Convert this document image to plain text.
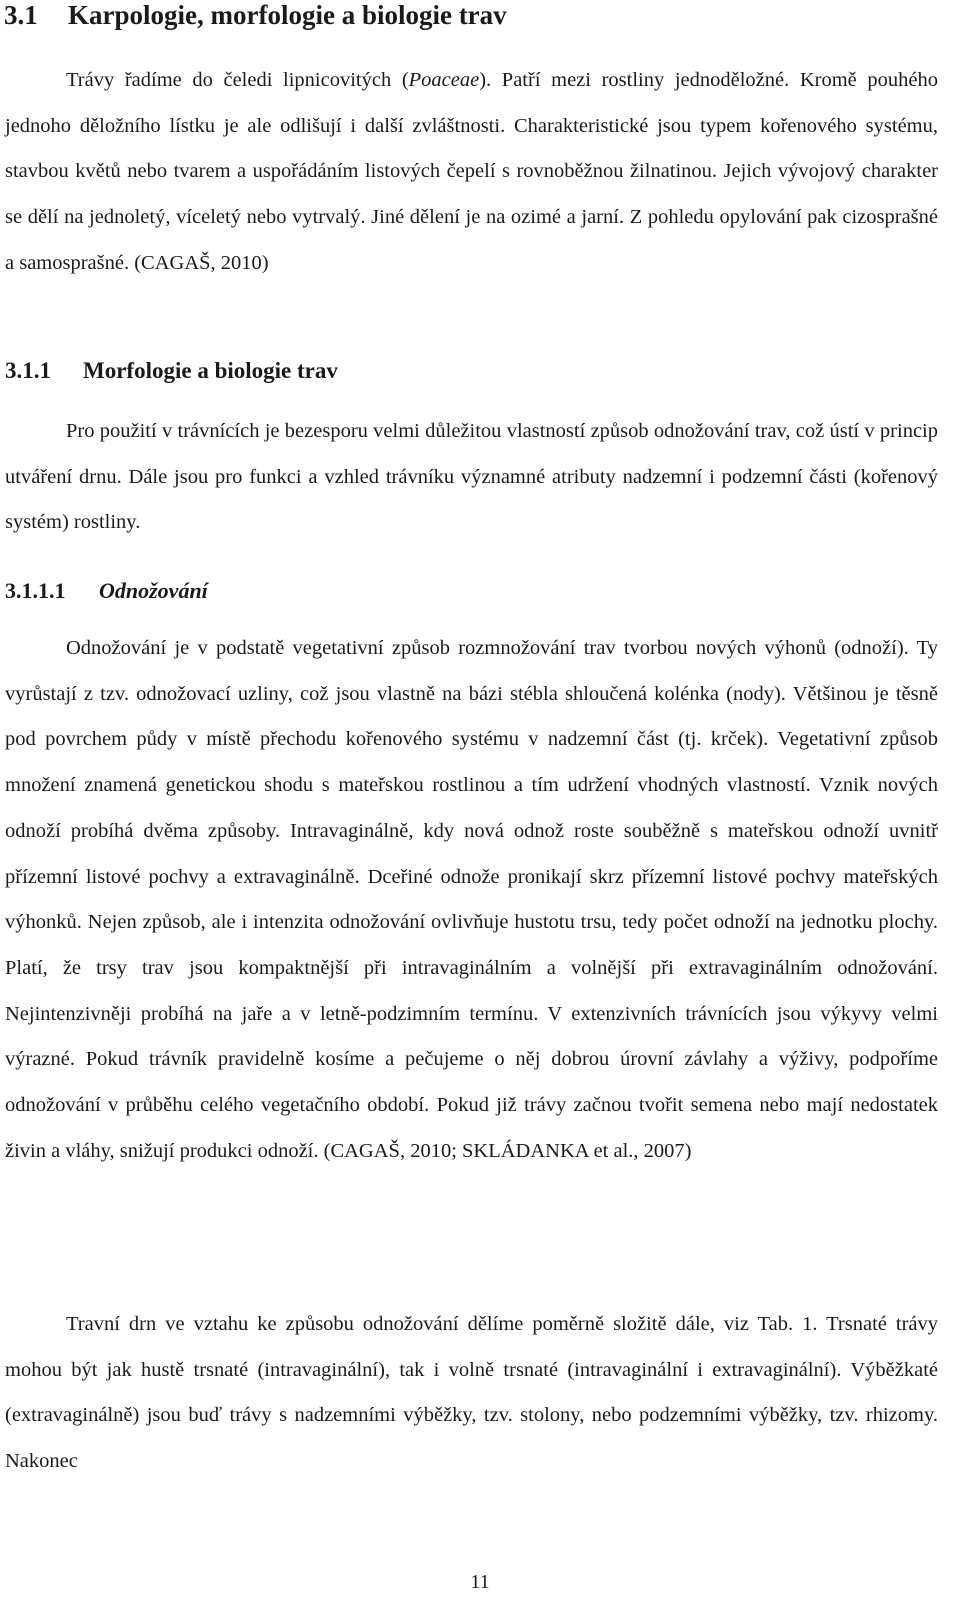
3.1 Karpologie, morfologie a biologie trav

Trávy řadíme do čeledi lipnicovitých (Poaceae). Patří mezi rostliny jednoděložné. Kromě pouhého jednoho děložního lístku je ale odlišují i další zvláštnosti. Charakteristické jsou typem kořenového systému, stavbou květů nebo tvarem a uspořádáním listových čepelí s rovnoběžnou žilnatinou. Jejich vývojový charakter se dělí na jednoletý, víceletý nebo vytrvalý. Jiné dělení je na ozimé a jarní. Z pohledu opylování pak cizosprašné a samosprašné. (CAGAŠ, 2010)

3.1.1 Morfologie a biologie trav

Pro použití v trávnících je bezesporu velmi důležitou vlastností způsob odnožování trav, což ústí v princip utváření drnu. Dále jsou pro funkci a vzhled trávníku významné atributy nadzemní i podzemní části (kořenový systém) rostliny.

3.1.1.1 Odnožování

Odnožování je v podstatě vegetativní způsob rozmnožování trav tvorbou nových výhonů (odnoží). Ty vyrůstají z tzv. odnožovací uzliny, což jsou vlastně na bázi stébla shloučená kolénka (nody). Většinou je těsně pod povrchem půdy v místě přechodu kořenového systému v nadzemní část (tj. krček). Vegetativní způsob množení znamená genetickou shodu s mateřskou rostlinou a tím udržení vhodných vlastností. Vznik nových odnoží probíhá dvěma způsoby. Intravaginálně, kdy nová odnož roste souběžně s mateřskou odnoží uvnitř přízemní listové pochvy a extravaginálně. Dceřiné odnože pronikají skrz přízemní listové pochvy mateřských výhonků. Nejen způsob, ale i intenzita odnožování ovlivňuje hustotu trsu, tedy počet odnoží na jednotku plochy. Platí, že trsy trav jsou kompaktnější při intravaginálním a volnější při extravaginálním odnožování. Nejintenzivněji probíhá na jaře a v letně-podzimním termínu. V extenzivních trávnících jsou výkyvy velmi výrazné. Pokud trávník pravidelně kosíme a pečujeme o něj dobrou úrovní závlahy a výživy, podpoříme odnožování v průběhu celého vegetačního období. Pokud již trávy začnou tvořit semena nebo mají nedostatek živin a vláhy, snižují produkci odnoží. (CAGAŠ, 2010; SKLÁDANKA et al., 2007)

Travní drn ve vztahu ke způsobu odnožování dělíme poměrně složitě dále, viz Tab. 1. Trsnaté trávy mohou být jak hustě trsnaté (intravaginální), tak i volně trsnaté (intravaginální i extravaginální). Výběžkaté (extravaginálně) jsou buď trávy s nadzemními výběžky, tzv. stolony, nebo podzemními výběžky, tzv. rhizomy. Nakonec

11
